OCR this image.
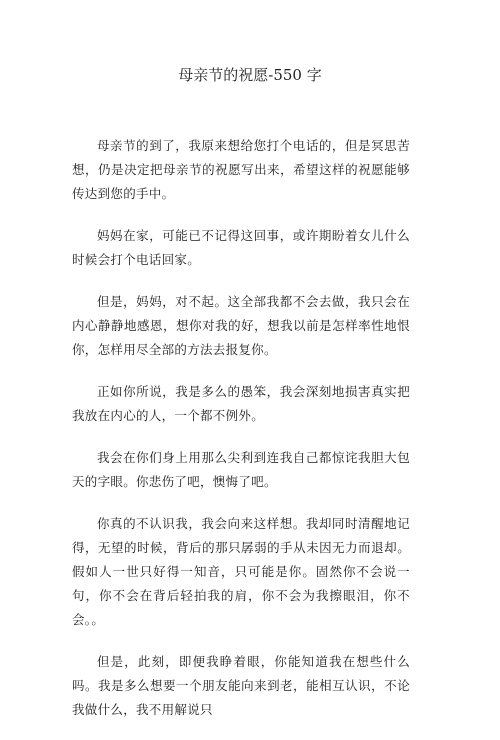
母亲节的祝愿-550 字

母亲节的到了，我原来想给您打个电话的，但是冥思苦想，仍是决定把母亲节的祝愿写出来，希望这样的祝愿能够传达到您的手中。

妈妈在家，可能已不记得这回事，或许期盼着女儿什么时候会打个电话回家。

但是，妈妈，对不起。这全部我都不会去做，我只会在内心静静地感恩，想你对我的好，想我以前是怎样率性地恨你，怎样用尽全部的方法去报复你。

正如你所说，我是多么的愚笨，我会深刻地损害真实把我放在内心的人，一个都不例外。

我会在你们身上用那么尖利到连我自己都惊诧我胆大包天的字眼。你悲伤了吧，懊悔了吧。

你真的不认识我，我会向来这样想。我却同时清醒地记得，无望的时候，背后的那只孱弱的手从未因无力而退却。假如人一世只好得一知音，只可能是你。固然你不会说一句，你不会在背后轻拍我的肩，你不会为我擦眼泪，你不会。。

但是，此刻，即便我睁着眼，你能知道我在想些什么吗。我是多么想要一个朋友能向来到老，能相互认识，不论我做什么，我不用解说只
